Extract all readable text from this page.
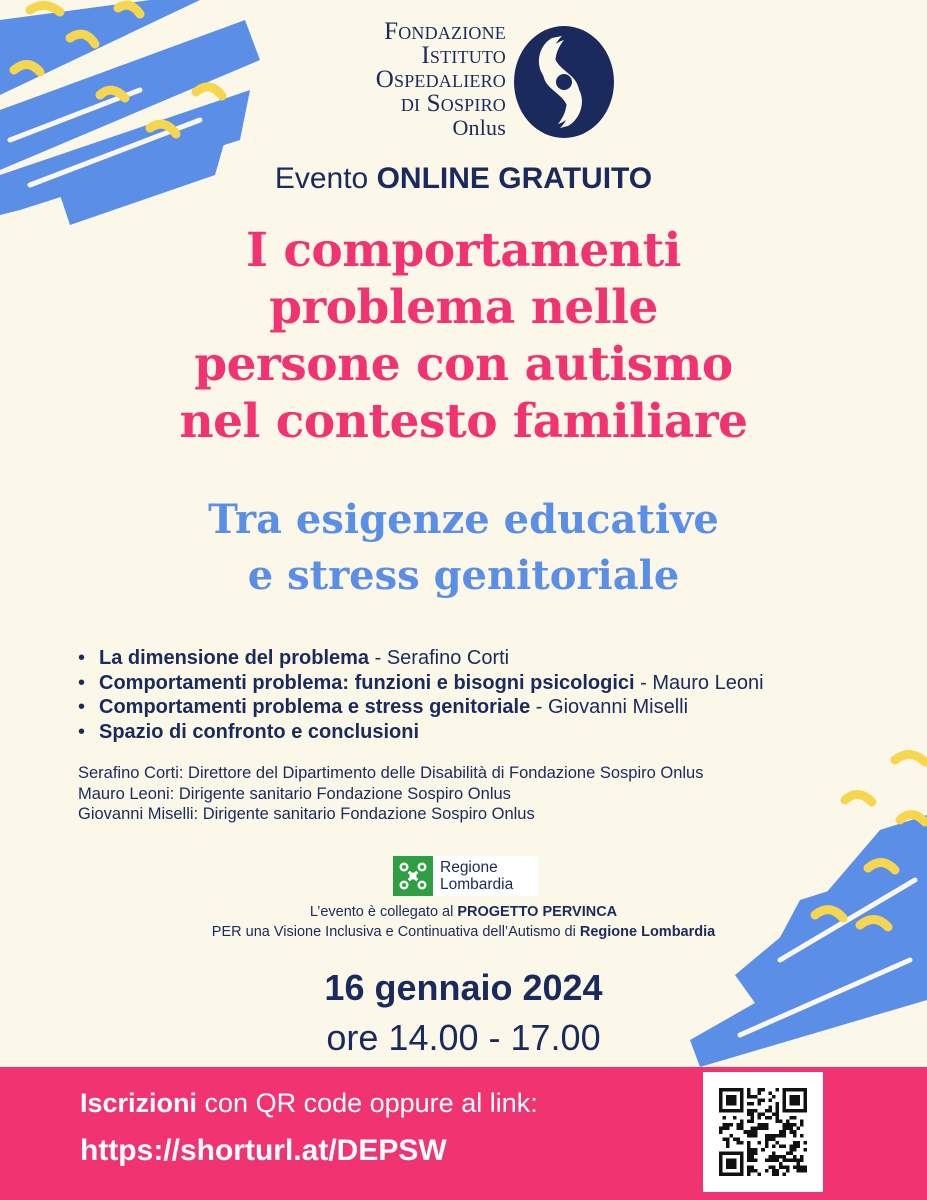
Fondazione
Istituto
Ospedaliero
di Sospiro
Onlus
Evento ONLINE GRATUITO
I comportamenti
problema nelle
persone con autismo
nel contesto familiare
Tra esigenze educative
e stress genitoriale
• La dimensione del problema - Serafino Corti
• Comportamenti problema: funzioni e bisogni psicologici - Mauro Leoni
• Comportamenti problema e stress genitoriale - Giovanni Miselli
• Spazio di confronto e conclusioni
Serafino Corti: Direttore del Dipartimento delle Disabilità di Fondazione Sospiro Onlus
Mauro Leoni: Dirigente sanitario Fondazione Sospiro Onlus
Giovanni Miselli: Dirigente sanitario Fondazione Sospiro Onlus
Regione
Lombardia
L’evento è collegato al PROGETTO PERVINCA
PER una Visione Inclusiva e Continuativa dell’Autismo di Regione Lombardia
16 gennaio 2024
ore 14.00 - 17.00
Iscrizioni con QR code oppure al link:
https://shorturl.at/DEPSW
